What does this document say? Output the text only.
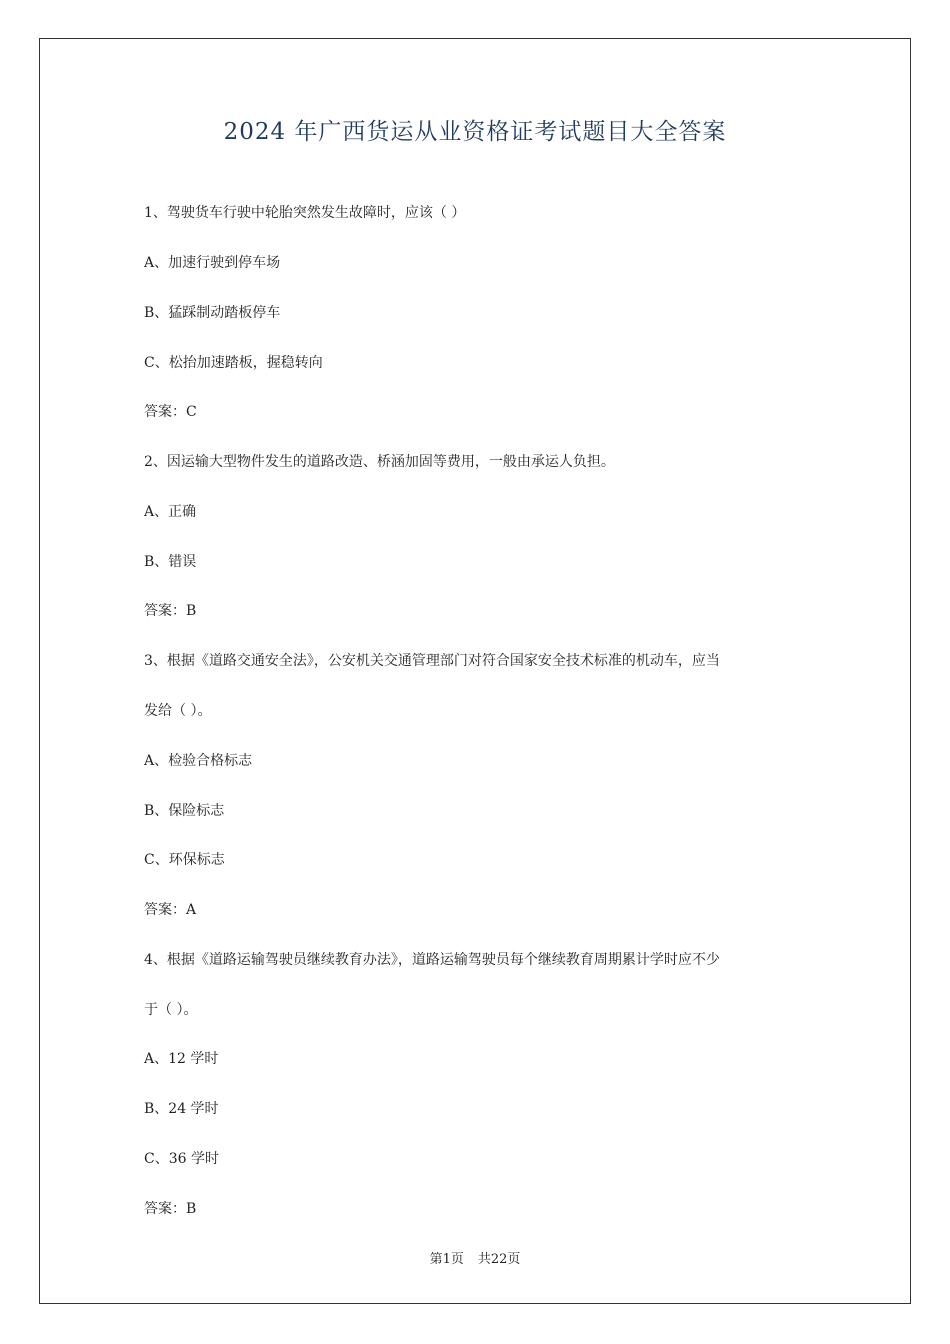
2024 年广西货运从业资格证考试题目大全答案
1、驾驶货车行驶中轮胎突然发生故障时，应该（ ）
A、加速行驶到停车场
B、猛踩制动踏板停车
C、松抬加速踏板，握稳转向
答案：C
2、因运输大型物件发生的道路改造、桥涵加固等费用，一般由承运人负担。
A、正确
B、错误
答案：B
3、根据《道路交通安全法》，公安机关交通管理部门对符合国家安全技术标准的机动车，应当
发给（ ）。
A、检验合格标志
B、保险标志
C、环保标志
答案：A
4、根据《道路运输驾驶员继续教育办法》，道路运输驾驶员每个继续教育周期累计学时应不少
于（ ）。
A、12 学时
B、24 学时
C、36 学时
答案：B
第1页 共22页
